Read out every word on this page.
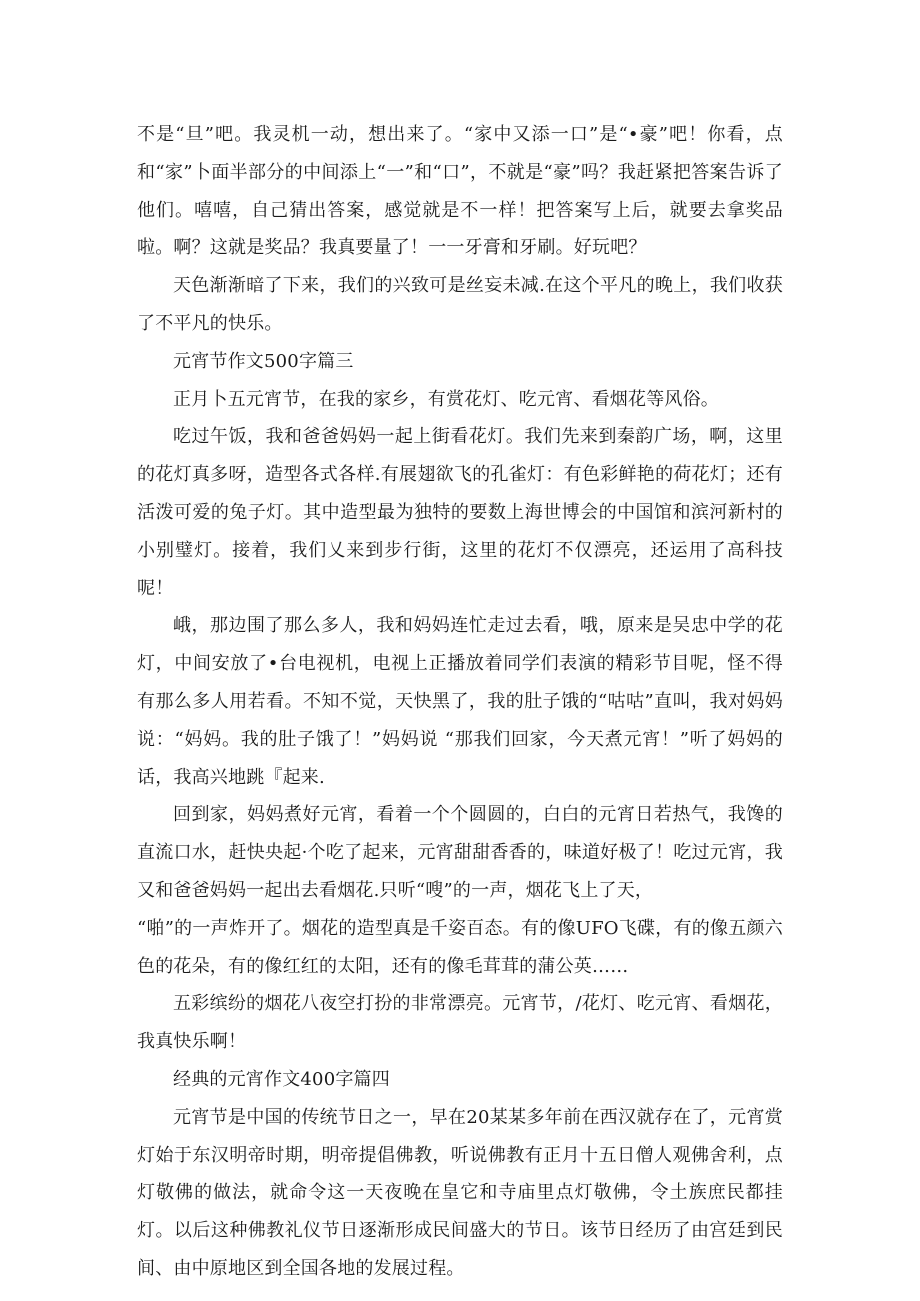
不是“旦”吧。我灵机一动，想出来了。“家中又添一口”是“•豪”吧！你看，点和“家”卜面半部分的中间添上“一”和“口”，不就是“豪”吗？我赶紧把答案告诉了他们。嘻嘻，自己猜出答案，感觉就是不一样！把答案写上后，就要去拿奖品啦。啊？这就是奖品？我真要量了！一一牙膏和牙刷。好玩吧？

天色渐渐暗了下来，我们的兴致可是丝妄未减.在这个平凡的晚上，我们收获了不平凡的快乐。

元宵节作文500字篇三

正月卜五元宵节，在我的家乡，有赏花灯、吃元宵、看烟花等风俗。

吃过午饭，我和爸爸妈妈一起上街看花灯。我们先来到秦韵广场，啊，这里的花灯真多呀，造型各式各样.有展翅欲飞的孔雀灯：有色彩鲜艳的荷花灯；还有活泼可爱的兔子灯。其中造型最为独特的要数上海世博会的中国馆和滨河新村的小别璧灯。接着，我们乂来到步行街，这里的花灯不仅漂亮，还运用了高科技呢！

峨，那边围了那么多人，我和妈妈连忙走过去看，哦，原来是吴忠中学的花灯，中间安放了•台电视机，电视上正播放着同学们表演的精彩节目呢，怪不得有那么多人用若看。不知不觉，天快黑了，我的肚子饿的“咕咕”直叫，我对妈妈说：“妈妈。我的肚子饿了！”妈妈说 “那我们回家，今天煮元宵！”听了妈妈的话，我高兴地跳『起来.

回到家，妈妈煮好元宵，看着一个个圆圆的，白白的元宵日若热气，我馋的直流口水，赶快央起·个吃了起来，元宵甜甜香香的，味道好极了！吃过元宵，我又和爸爸妈妈一起出去看烟花.只听“嗖”的一声，烟花飞上了天，

“啪”的一声炸开了。烟花的造型真是千姿百态。有的像UFO飞碟，有的像五颜六色的花朵，有的像红红的太阳，还有的像毛茸茸的蒲公英……

五彩缤纷的烟花八夜空打扮的非常漂亮。元宵节，/花灯、吃元宵、看烟花，我真快乐啊！

经典的元宵作文400字篇四

元宵节是中国的传统节日之一，早在20某某多年前在西汉就存在了，元宵赏灯始于东汉明帝时期，明帝提倡佛教，听说佛教有正月十五日僧人观佛舍利，点灯敬佛的做法，就命令这一天夜晚在皇它和寺庙里点灯敬佛，令土族庶民都挂灯。以后这种佛教礼仪节日逐渐形成民间盛大的节日。该节日经历了由宫廷到民间、由中原地区到全国各地的发展过程。
